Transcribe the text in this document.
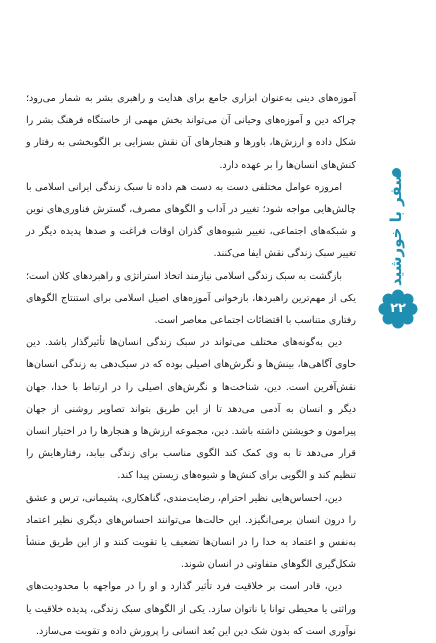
آموزه‌های دینی به‌عنوان ابزاری جامع برای هدایت و راهبری بشر به شمار می‌رود؛ چراکه دین و آموزه‌های وحیانی آن می‌تواند بخش مهمی از خاستگاه فرهنگ بشر را شکل داده و ارزش‌ها، باورها و هنجارهای آن نقش بسزایی بر الگوبخشی به رفتار و کنش‌های انسان‌ها را بر عهده دارد.

امروزه عوامل مختلفی دست به دست هم داده تا سبک زندگی ایرانی اسلامی با چالش‌هایی مواجه شود؛ تغییر در آداب و الگوهای مصرف، گسترش فناوری‌های نوین و شبکه‌های اجتماعی، تغییر شیوه‌های گذران اوقات فراغت و صدها پدیده دیگر در تغییر سبک زندگی نقش ایفا می‌کنند.

بازگشت به سبک زندگی اسلامی نیازمند اتخاذ استراتژی و راهبردهای کلان است؛ یکی از مهم‌ترین راهبردها، بازخوانی آموزه‌های اصیل اسلامی برای استنتاج الگوهای رفتاری متناسب با اقتضائات اجتماعی معاصر است.

دین به‌گونه‌های مختلف می‌تواند در سبک زندگی انسان‌ها تأثیرگذار باشد. دین حاوی آگاهی‌ها، بینش‌ها و نگرش‌های اصیلی بوده که در سبک‌دهی به زندگی انسان‌ها نقش‌آفرین است. دین، شناخت‌ها و نگرش‌های اصیلی را در ارتباط با خدا، جهان دیگر و انسان به آدمی می‌دهد تا از این طریق بتواند تصاویر روشنی از جهان پیرامون و خویشتن داشته باشد. دین، مجموعه ارزش‌ها و هنجارها را در اختیار انسان قرار می‌دهد تا به وی کمک کند الگوی مناسب برای زندگی بیابد، رفتارهایش را تنظیم کند و الگویی برای کنش‌ها و شیوه‌های زیستن پیدا کند.

دین، احساس‌هایی نظیر احترام، رضایت‌مندی، گناهکاری، پشیمانی، ترس و عشق را درون انسان برمی‌انگیزد. این حالت‌ها می‌توانند احساس‌های دیگری نظیر اعتماد به‌نفس و اعتماد به خدا را در انسان‌ها تضعیف یا تقویت کنند و از این طریق منشأ شکل‌گیری الگوهای متفاوتی در انسان شوند.

دین، قادر است بر خلاقیت فرد تأثیر گذارد و او را در مواجهه با محدودیت‌های وراثتی یا محیطی توانا یا ناتوان سازد. یکی از الگوهای سبک زندگی، پدیده خلاقیت یا نوآوری است که بدون شک دین این بُعد انسانی را پرورش داده و تقویت می‌سازد.

سفر با خورشید
۲۲
